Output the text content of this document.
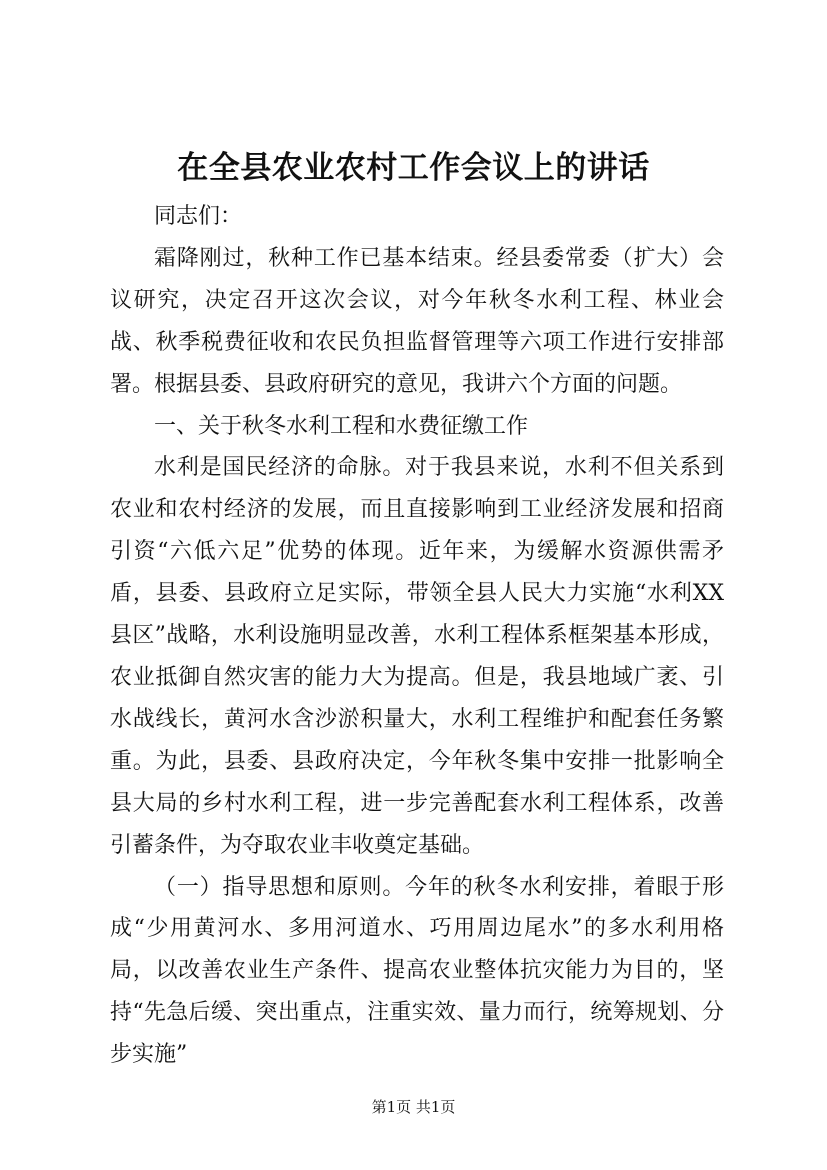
在全县农业农村工作会议上的讲话

同志们：

霜降刚过，秋种工作已基本结束。经县委常委（扩大）会议研究，决定召开这次会议，对今年秋冬水利工程、林业会战、秋季税费征收和农民负担监督管理等六项工作进行安排部署。根据县委、县政府研究的意见，我讲六个方面的问题。

一、关于秋冬水利工程和水费征缴工作

水利是国民经济的命脉。对于我县来说，水利不但关系到农业和农村经济的发展，而且直接影响到工业经济发展和招商引资“六低六足”优势的体现。近年来，为缓解水资源供需矛盾，县委、县政府立足实际，带领全县人民大力实施“水利XX县区”战略，水利设施明显改善，水利工程体系框架基本形成，农业抵御自然灾害的能力大为提高。但是，我县地域广袤、引水战线长，黄河水含沙淤积量大，水利工程维护和配套任务繁重。为此，县委、县政府决定，今年秋冬集中安排一批影响全县大局的乡村水利工程，进一步完善配套水利工程体系，改善引蓄条件，为夺取农业丰收奠定基础。

（一）指导思想和原则。今年的秋冬水利安排，着眼于形成“少用黄河水、多用河道水、巧用周边尾水”的多水利用格局，以改善农业生产条件、提高农业整体抗灾能力为目的，坚持“先急后缓、突出重点，注重实效、量力而行，统筹规划、分步实施”

第1页 共1页
